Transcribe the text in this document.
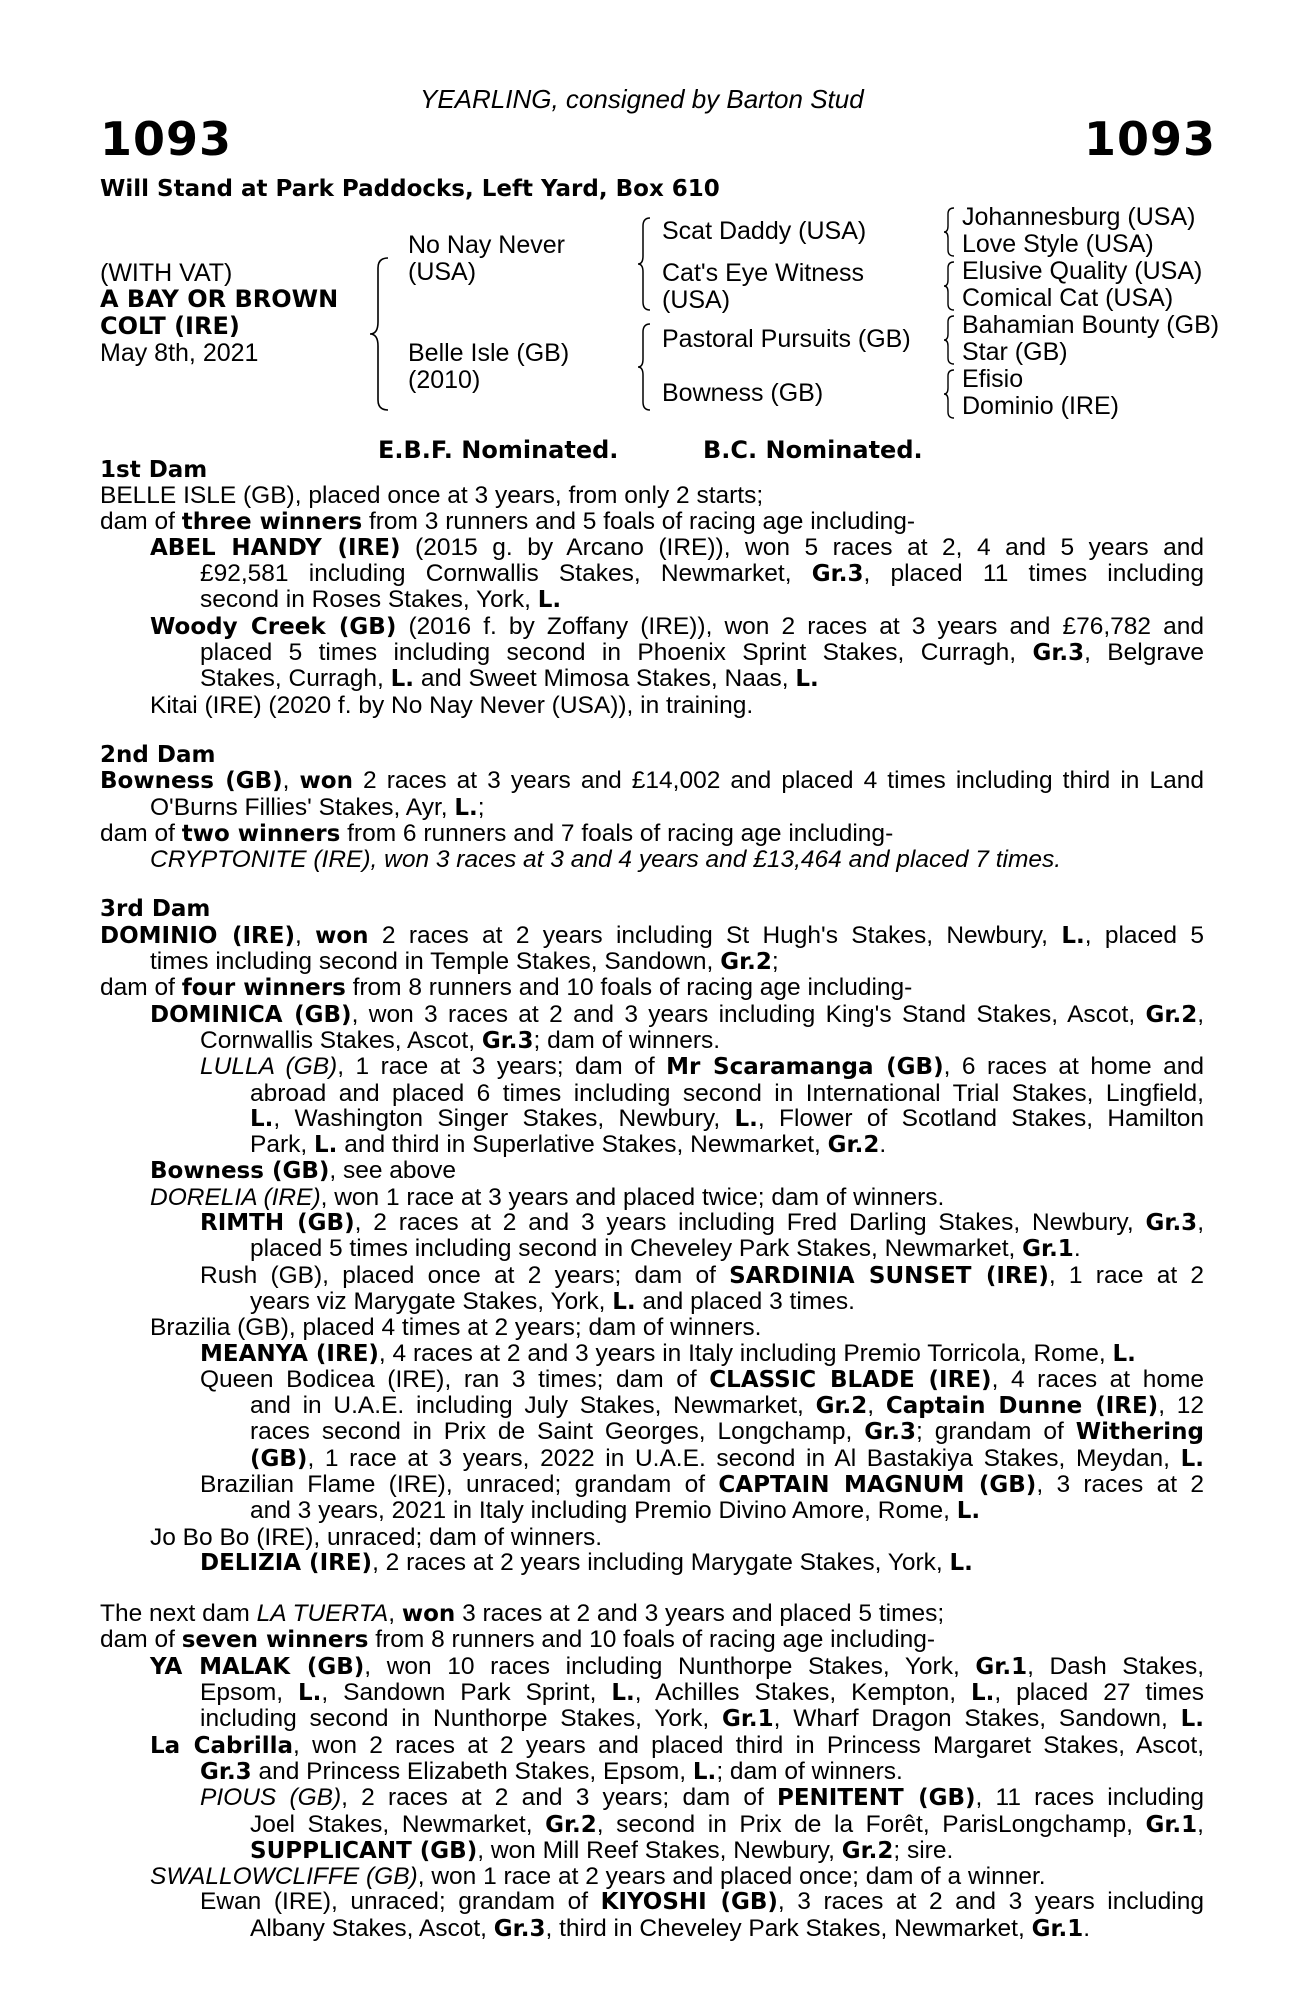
YEARLING, consigned by Barton Stud
1093	1093
Will Stand at Park Paddocks, Left Yard, Box 610
(WITH VAT)
A BAY OR BROWN
COLT (IRE)
May 8th, 2021
No Nay Never
(USA)
Belle Isle (GB)
(2010)
Scat Daddy (USA)
Cat's Eye Witness
(USA)
Pastoral Pursuits (GB)
Bowness (GB)
Johannesburg (USA)
Love Style (USA)
Elusive Quality (USA)
Comical Cat (USA)
Bahamian Bounty (GB)
Star (GB)
Efisio
Dominio (IRE)
E.B.F. Nominated.	B.C. Nominated.
1st Dam
BELLE ISLE (GB), placed once at 3 years, from only 2 starts;
dam of three winners from 3 runners and 5 foals of racing age including-
ABEL HANDY (IRE) (2015 g. by Arcano (IRE)), won 5 races at 2, 4 and 5 years and
£92,581 including Cornwallis Stakes, Newmarket, Gr.3, placed 11 times including
second in Roses Stakes, York, L.
Woody Creek (GB) (2016 f. by Zoffany (IRE)), won 2 races at 3 years and £76,782 and
placed 5 times including second in Phoenix Sprint Stakes, Curragh, Gr.3, Belgrave
Stakes, Curragh, L. and Sweet Mimosa Stakes, Naas, L.
Kitai (IRE) (2020 f. by No Nay Never (USA)), in training.
2nd Dam
Bowness (GB), won 2 races at 3 years and £14,002 and placed 4 times including third in Land
O'Burns Fillies' Stakes, Ayr, L.;
dam of two winners from 6 runners and 7 foals of racing age including-
CRYPTONITE (IRE), won 3 races at 3 and 4 years and £13,464 and placed 7 times.
3rd Dam
DOMINIO (IRE), won 2 races at 2 years including St Hugh's Stakes, Newbury, L., placed 5
times including second in Temple Stakes, Sandown, Gr.2;
dam of four winners from 8 runners and 10 foals of racing age including-
DOMINICA (GB), won 3 races at 2 and 3 years including King's Stand Stakes, Ascot, Gr.2,
Cornwallis Stakes, Ascot, Gr.3; dam of winners.
LULLA (GB), 1 race at 3 years; dam of Mr Scaramanga (GB), 6 races at home and
abroad and placed 6 times including second in International Trial Stakes, Lingfield,
L., Washington Singer Stakes, Newbury, L., Flower of Scotland Stakes, Hamilton
Park, L. and third in Superlative Stakes, Newmarket, Gr.2.
Bowness (GB), see above
DORELIA (IRE), won 1 race at 3 years and placed twice; dam of winners.
RIMTH (GB), 2 races at 2 and 3 years including Fred Darling Stakes, Newbury, Gr.3,
placed 5 times including second in Cheveley Park Stakes, Newmarket, Gr.1.
Rush (GB), placed once at 2 years; dam of SARDINIA SUNSET (IRE), 1 race at 2
years viz Marygate Stakes, York, L. and placed 3 times.
Brazilia (GB), placed 4 times at 2 years; dam of winners.
MEANYA (IRE), 4 races at 2 and 3 years in Italy including Premio Torricola, Rome, L.
Queen Bodicea (IRE), ran 3 times; dam of CLASSIC BLADE (IRE), 4 races at home
and in U.A.E. including July Stakes, Newmarket, Gr.2, Captain Dunne (IRE), 12
races second in Prix de Saint Georges, Longchamp, Gr.3; grandam of Withering
(GB), 1 race at 3 years, 2022 in U.A.E. second in Al Bastakiya Stakes, Meydan, L.
Brazilian Flame (IRE), unraced; grandam of CAPTAIN MAGNUM (GB), 3 races at 2
and 3 years, 2021 in Italy including Premio Divino Amore, Rome, L.
Jo Bo Bo (IRE), unraced; dam of winners.
DELIZIA (IRE), 2 races at 2 years including Marygate Stakes, York, L.
The next dam LA TUERTA, won 3 races at 2 and 3 years and placed 5 times;
dam of seven winners from 8 runners and 10 foals of racing age including-
YA MALAK (GB), won 10 races including Nunthorpe Stakes, York, Gr.1, Dash Stakes,
Epsom, L., Sandown Park Sprint, L., Achilles Stakes, Kempton, L., placed 27 times
including second in Nunthorpe Stakes, York, Gr.1, Wharf Dragon Stakes, Sandown, L.
La Cabrilla, won 2 races at 2 years and placed third in Princess Margaret Stakes, Ascot,
Gr.3 and Princess Elizabeth Stakes, Epsom, L.; dam of winners.
PIOUS (GB), 2 races at 2 and 3 years; dam of PENITENT (GB), 11 races including
Joel Stakes, Newmarket, Gr.2, second in Prix de la Forêt, ParisLongchamp, Gr.1,
SUPPLICANT (GB), won Mill Reef Stakes, Newbury, Gr.2; sire.
SWALLOWCLIFFE (GB), won 1 race at 2 years and placed once; dam of a winner.
Ewan (IRE), unraced; grandam of KIYOSHI (GB), 3 races at 2 and 3 years including
Albany Stakes, Ascot, Gr.3, third in Cheveley Park Stakes, Newmarket, Gr.1.
